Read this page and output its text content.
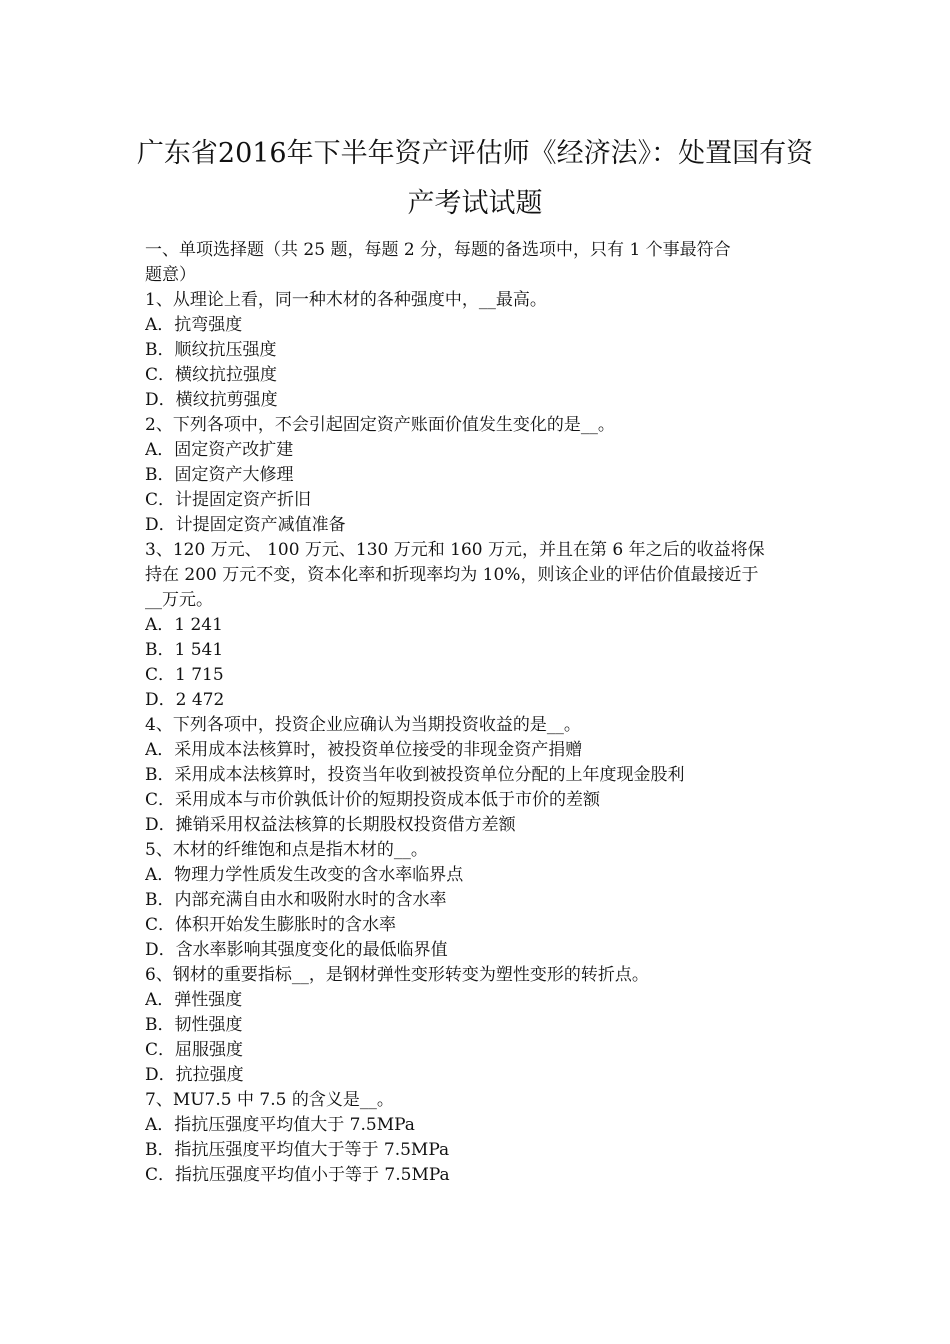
广东省2016年下半年资产评估师《经济法》：处置国有资
产考试试题
一、单项选择题（共 25 题，每题 2 分，每题的备选项中，只有 1 个事最符合
题意）
1、从理论上看，同一种木材的各种强度中，__最高。
A．抗弯强度
B．顺纹抗压强度
C．横纹抗拉强度
D．横纹抗剪强度
2、下列各项中，不会引起固定资产账面价值发生变化的是__。
A．固定资产改扩建
B．固定资产大修理
C．计提固定资产折旧
D．计提固定资产减值准备
3、120 万元、 100 万元、130 万元和 160 万元，并且在第 6 年之后的收益将保
持在 200 万元不变，资本化率和折现率均为 10%，则该企业的评估价值最接近于
__万元。
A．1 241
B．1 541
C．1 715
D．2 472
4、下列各项中，投资企业应确认为当期投资收益的是__。
A．采用成本法核算时，被投资单位接受的非现金资产捐赠
B．采用成本法核算时，投资当年收到被投资单位分配的上年度现金股利
C．采用成本与市价孰低计价的短期投资成本低于市价的差额
D．摊销采用权益法核算的长期股权投资借方差额
5、木材的纤维饱和点是指木材的__。
A．物理力学性质发生改变的含水率临界点
B．内部充满自由水和吸附水时的含水率
C．体积开始发生膨胀时的含水率
D．含水率影响其强度变化的最低临界值
6、钢材的重要指标__，是钢材弹性变形转变为塑性变形的转折点。
A．弹性强度
B．韧性强度
C．屈服强度
D．抗拉强度
7、MU7.5 中 7.5 的含义是__。
A．指抗压强度平均值大于 7.5MPa
B．指抗压强度平均值大于等于 7.5MPa
C．指抗压强度平均值小于等于 7.5MPa
